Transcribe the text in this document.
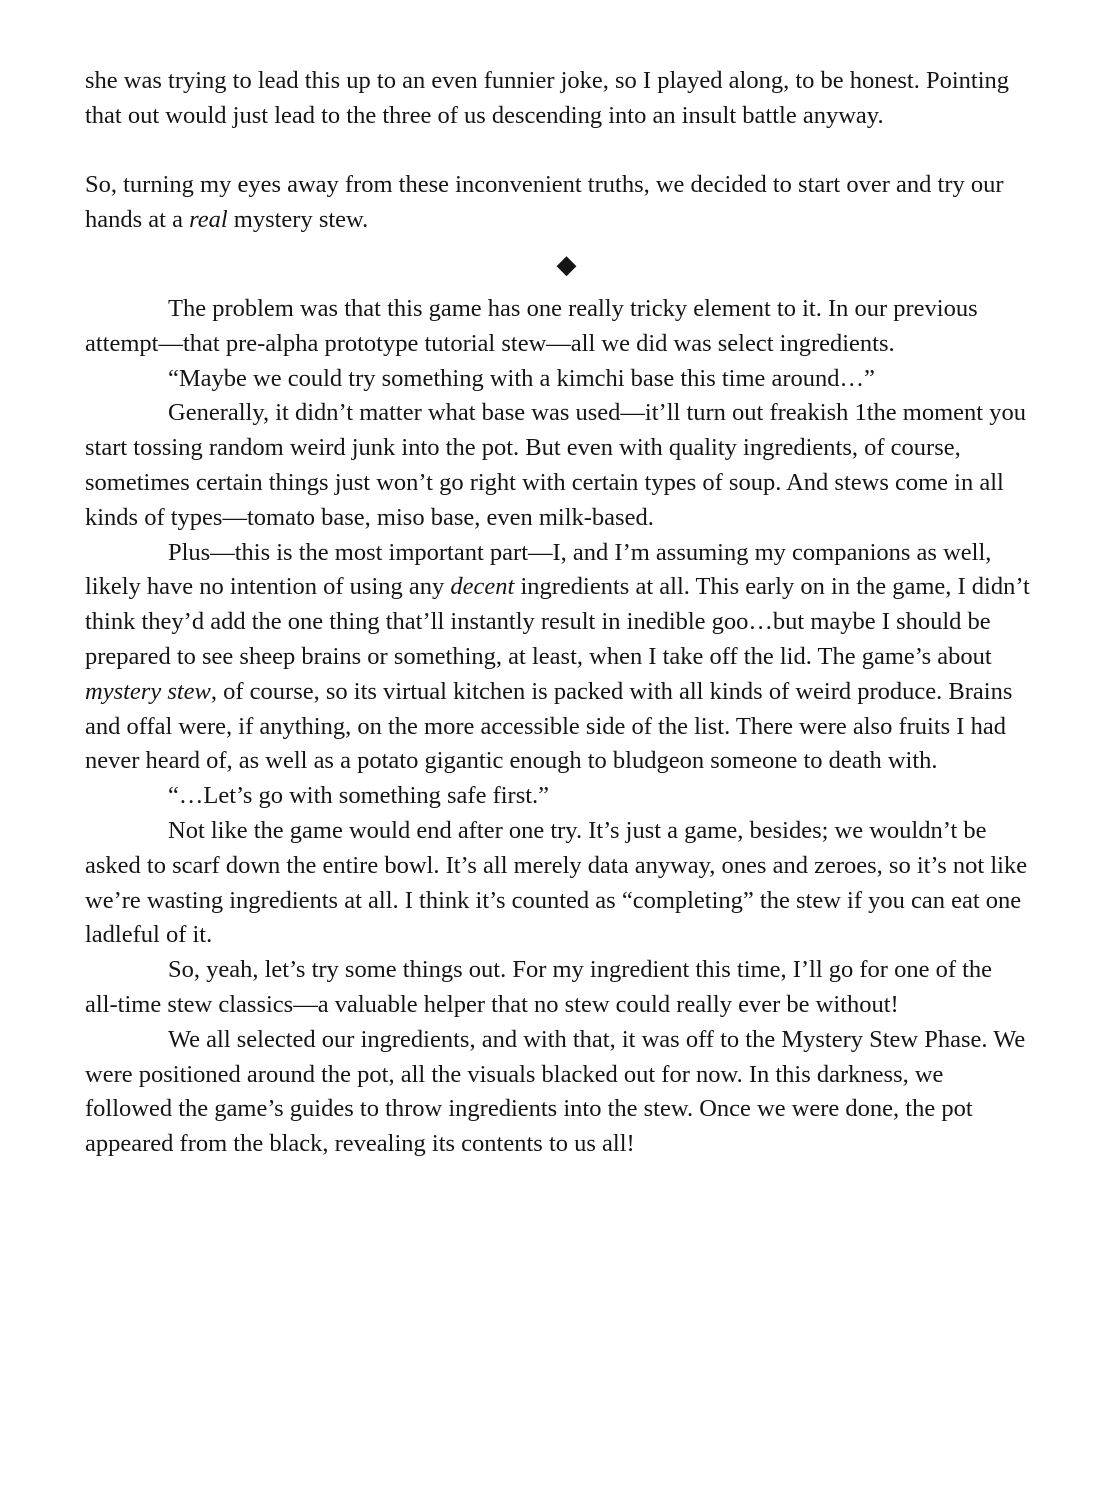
she was trying to lead this up to an even funnier joke, so I played along, to be honest. Pointing that out would just lead to the three of us descending into an insult battle anyway.

So, turning my eyes away from these inconvenient truths, we decided to start over and try our hands at a real mystery stew.

◆

The problem was that this game has one really tricky element to it. In our previous attempt—that pre-alpha prototype tutorial stew—all we did was select ingredients.

“Maybe we could try something with a kimchi base this time around…”

Generally, it didn’t matter what base was used—it’ll turn out freakish 1the moment you start tossing random weird junk into the pot. But even with quality ingredients, of course, sometimes certain things just won’t go right with certain types of soup. And stews come in all kinds of types—tomato base, miso base, even milk-based.

Plus—this is the most important part—I, and I’m assuming my companions as well, likely have no intention of using any decent ingredients at all. This early on in the game, I didn’t think they’d add the one thing that’ll instantly result in inedible goo…but maybe I should be prepared to see sheep brains or something, at least, when I take off the lid. The game’s about mystery stew, of course, so its virtual kitchen is packed with all kinds of weird produce. Brains and offal were, if anything, on the more accessible side of the list. There were also fruits I had never heard of, as well as a potato gigantic enough to bludgeon someone to death with.

“…Let’s go with something safe first.”

Not like the game would end after one try. It’s just a game, besides; we wouldn’t be asked to scarf down the entire bowl. It’s all merely data anyway, ones and zeroes, so it’s not like we’re wasting ingredients at all. I think it’s counted as “completing” the stew if you can eat one ladleful of it.

So, yeah, let’s try some things out. For my ingredient this time, I’ll go for one of the all-time stew classics—a valuable helper that no stew could really ever be without!

We all selected our ingredients, and with that, it was off to the Mystery Stew Phase. We were positioned around the pot, all the visuals blacked out for now. In this darkness, we followed the game’s guides to throw ingredients into the stew. Once we were done, the pot appeared from the black, revealing its contents to us all!
